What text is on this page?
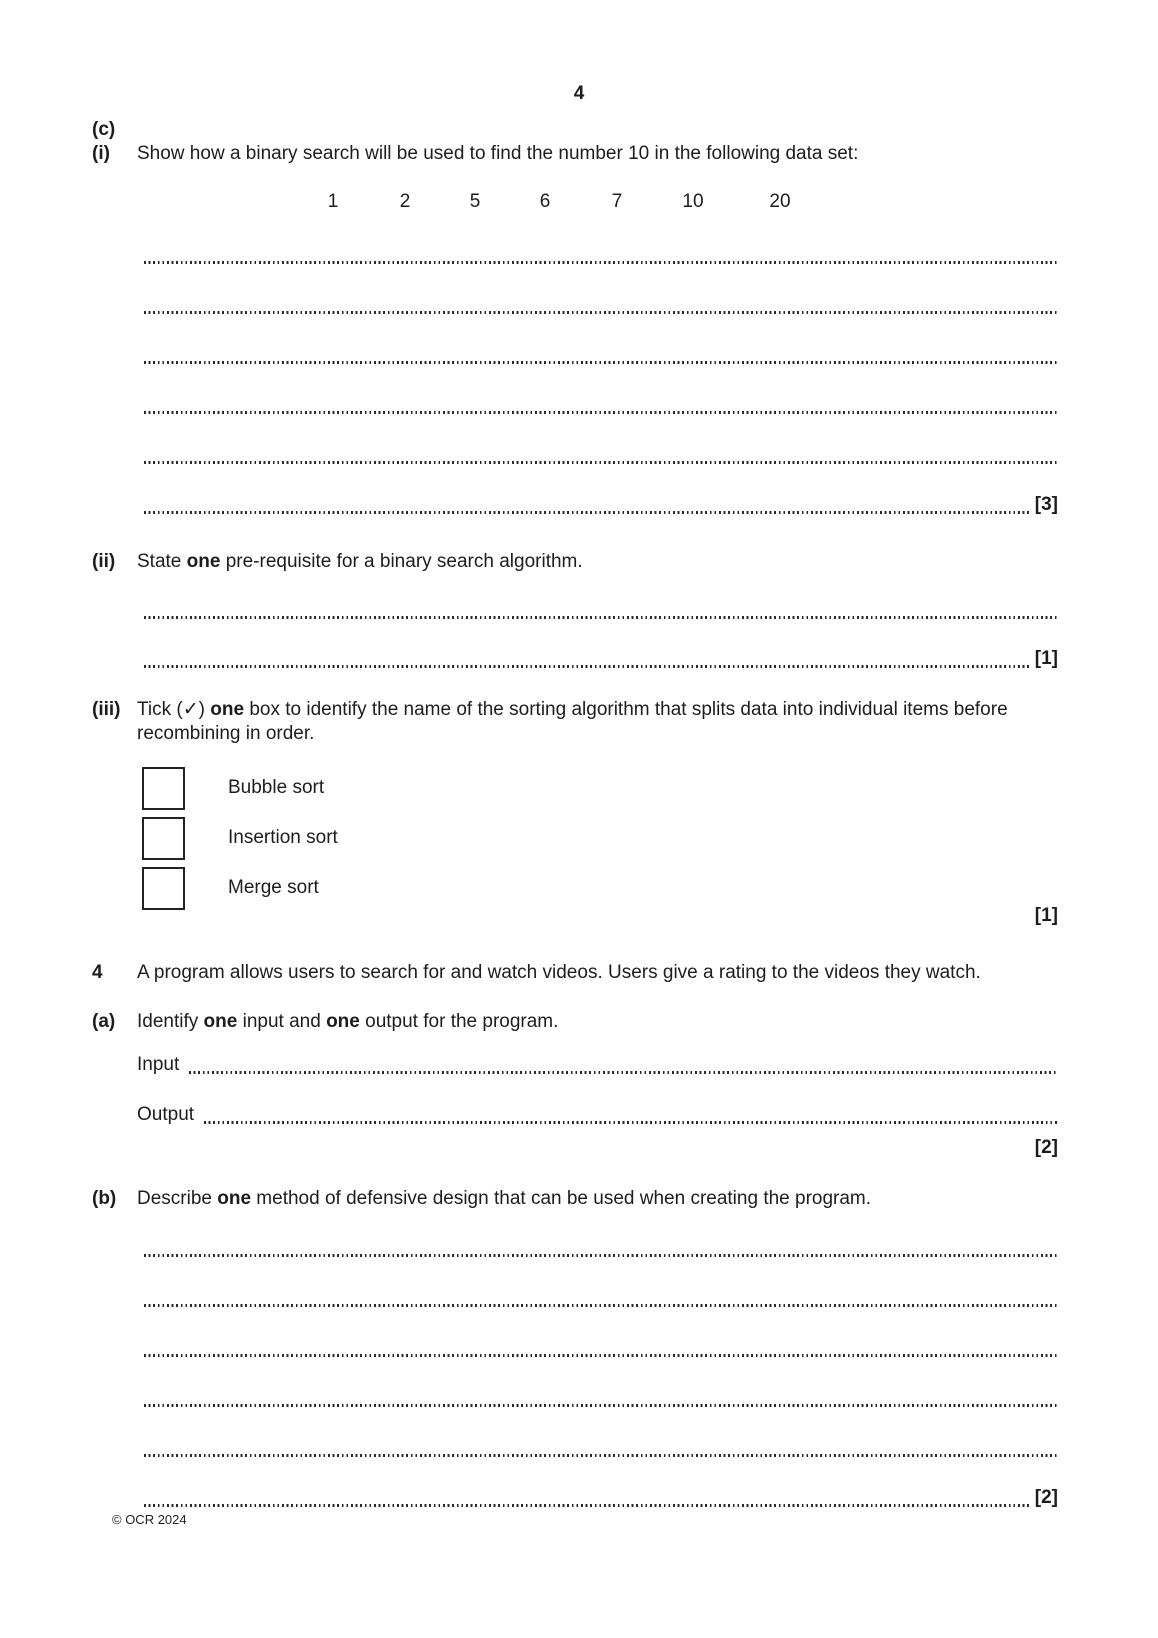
4
(c)
(i) Show how a binary search will be used to find the number 10 in the following data set:
1	2	5	6	7	10	20
[3]
(ii) State one pre-requisite for a binary search algorithm.
[1]
(iii) Tick (✓) one box to identify the name of the sorting algorithm that splits data into individual items before recombining in order.
Bubble sort
Insertion sort
Merge sort
[1]
4 A program allows users to search for and watch videos. Users give a rating to the videos they watch.
(a) Identify one input and one output for the program.
Input
Output
[2]
(b) Describe one method of defensive design that can be used when creating the program.
[2]
© OCR 2024
